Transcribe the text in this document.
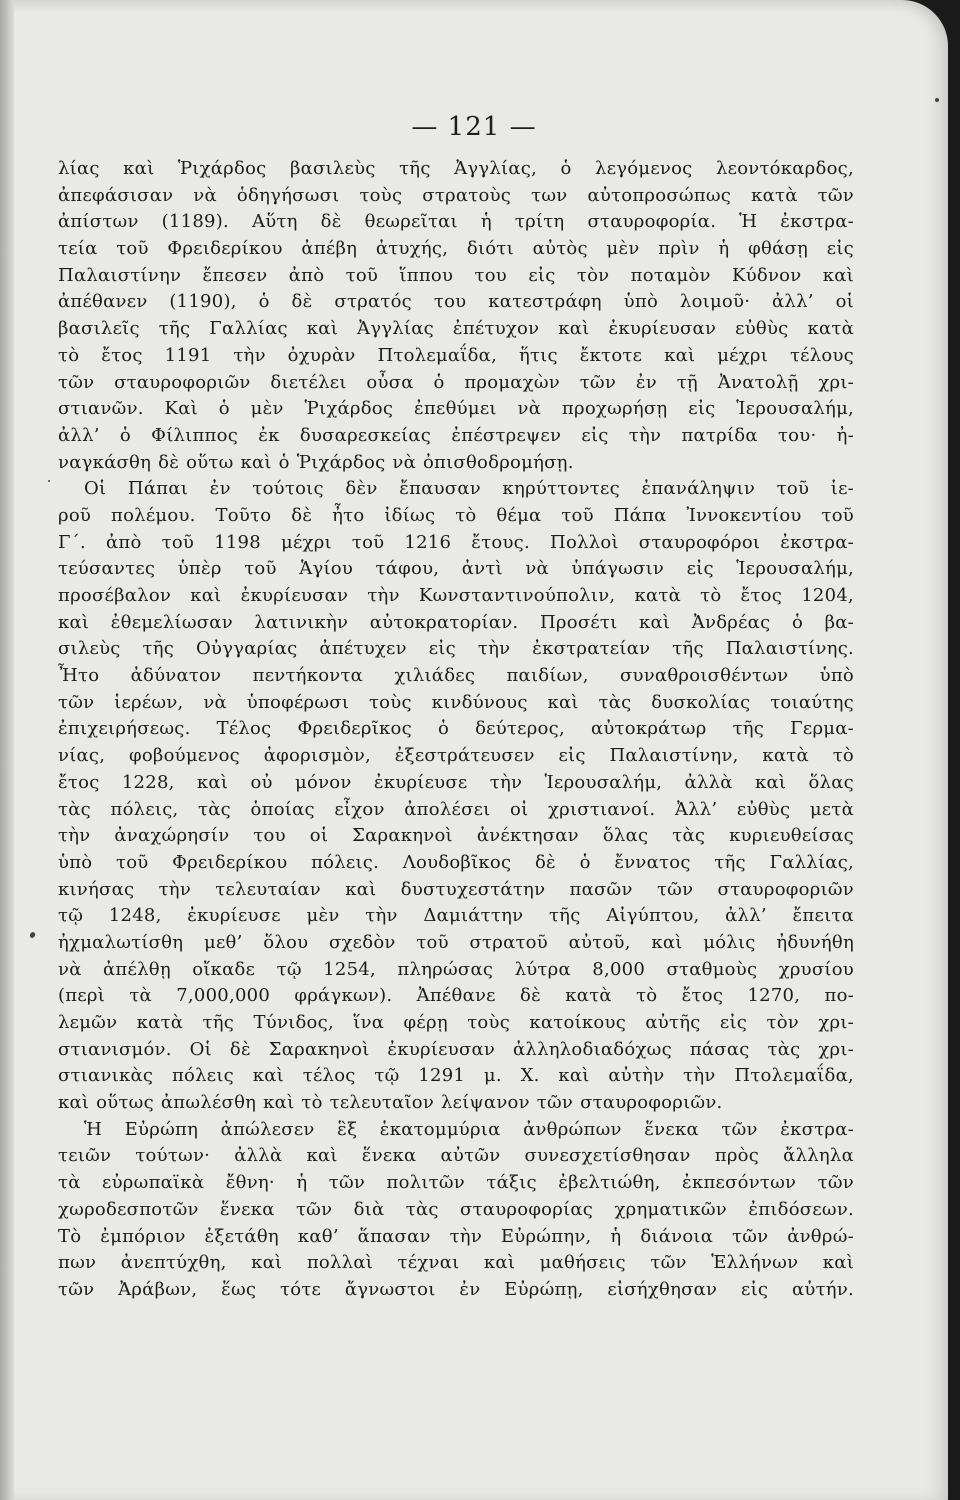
— 121 —
λίας καὶ Ῥιχάρδος βασιλεὺς τῆς Ἀγγλίας, ὁ λεγόμενος λεοντόκαρδος,
ἀπεφάσισαν νὰ ὁδηγήσωσι τοὺς στρατοὺς των αὐτοπροσώπως κατὰ τῶν
ἀπίστων (1189). Αὕτη δὲ θεωρεῖται ἡ τρίτη σταυροφορία. Ἡ ἐκστρα-
τεία τοῦ Φρειδερίκου ἀπέβη ἀτυχής, διότι αὐτὸς μὲν πρὶν ἡ φθάσῃ εἰς
Παλαιστίνην ἔπεσεν ἀπὸ τοῦ ἵππου του εἰς τὸν ποταμὸν Κύδνον καὶ
ἀπέθανεν (1190), ὁ δὲ στρατός του κατεστράφη ὑπὸ λοιμοῦ· ἀλλ’ οἱ
βασιλεῖς τῆς Γαλλίας καὶ Ἀγγλίας ἐπέτυχον καὶ ἐκυρίευσαν εὐθὺς κατὰ
τὸ ἔτος 1191 τὴν ὀχυρὰν Πτολεμαΐδα, ἥτις ἔκτοτε καὶ μέχρι τέλους
τῶν σταυροφοριῶν διετέλει οὖσα ὁ προμαχὼν τῶν ἐν τῇ Ἀνατολῇ χρι-
στιανῶν. Καὶ ὁ μὲν Ῥιχάρδος ἐπεθύμει νὰ προχωρήσῃ εἰς Ἱερουσαλήμ,
ἀλλ’ ὁ Φίλιππος ἐκ δυσαρεσκείας ἐπέστρεψεν εἰς τὴν πατρίδα του· ἠ-
ναγκάσθη δὲ οὕτω καὶ ὁ Ῥιχάρδος νὰ ὀπισθοδρομήσῃ.
Οἱ Πάπαι ἐν τούτοις δὲν ἔπαυσαν κηρύττοντες ἐπανάληψιν τοῦ ἱε-
ροῦ πολέμου. Τοῦτο δὲ ἦτο ἰδίως τὸ θέμα τοῦ Πάπα Ἰννοκεντίου τοῦ
Γ΄. ἀπὸ τοῦ 1198 μέχρι τοῦ 1216 ἔτους. Πολλοὶ σταυροφόροι ἐκστρα-
τεύσαντες ὑπὲρ τοῦ Ἁγίου τάφου, ἀντὶ νὰ ὑπάγωσιν εἰς Ἱερουσαλήμ,
προσέβαλον καὶ ἐκυρίευσαν τὴν Κωνσταντινούπολιν, κατὰ τὸ ἔτος 1204,
καὶ ἐθεμελίωσαν λατινικὴν αὐτοκρατορίαν. Προσέτι καὶ Ἀνδρέας ὁ βα-
σιλεὺς τῆς Οὐγγαρίας ἀπέτυχεν εἰς τὴν ἐκστρατείαν τῆς Παλαιστίνης.
Ἦτο ἀδύνατον πεντήκοντα χιλιάδες παιδίων, συναθροισθέντων ὑπὸ
τῶν ἱερέων, νὰ ὑποφέρωσι τοὺς κινδύνους καὶ τὰς δυσκολίας τοιαύτης
ἐπιχειρήσεως. Τέλος Φρειδερῖκος ὁ δεύτερος, αὐτοκράτωρ τῆς Γερμα-
νίας, φοβούμενος ἀφορισμὸν, ἐξεστράτευσεν εἰς Παλαιστίνην, κατὰ τὸ
ἔτος 1228, καὶ οὐ μόνον ἐκυρίευσε τὴν Ἱερουσαλήμ, ἀλλὰ καὶ ὅλας
τὰς πόλεις, τὰς ὁποίας εἶχον ἀπολέσει οἱ χριστιανοί. Ἀλλ’ εὐθὺς μετὰ
τὴν ἀναχώρησίν του οἱ Σαρακηνοὶ ἀνέκτησαν ὅλας τὰς κυριευθείσας
ὑπὸ τοῦ Φρειδερίκου πόλεις. Λουδοβῖκος δὲ ὁ ἔννατος τῆς Γαλλίας,
κινήσας τὴν τελευταίαν καὶ δυστυχεστάτην πασῶν τῶν σταυροφοριῶν
τῷ 1248, ἐκυρίευσε μὲν τὴν Δαμιάττην τῆς Αἰγύπτου, ἀλλ’ ἔπειτα
ἠχμαλωτίσθη μεθ’ ὅλου σχεδὸν τοῦ στρατοῦ αὐτοῦ, καὶ μόλις ἠδυνήθη
νὰ ἀπέλθῃ οἴκαδε τῷ 1254, πληρώσας λύτρα 8,000 σταθμοὺς χρυσίου
(περὶ τὰ 7,000,000 φράγκων). Ἀπέθανε δὲ κατὰ τὸ ἔτος 1270, πο-
λεμῶν κατὰ τῆς Τύνιδος, ἵνα φέρῃ τοὺς κατοίκους αὐτῆς εἰς τὸν χρι-
στιανισμόν. Οἱ δὲ Σαρακηνοὶ ἐκυρίευσαν ἀλληλοδιαδόχως πάσας τὰς χρι-
στιανικὰς πόλεις καὶ τέλος τῷ 1291 μ. Χ. καὶ αὐτὴν τὴν Πτολεμαΐδα,
καὶ οὕτως ἀπωλέσθη καὶ τὸ τελευταῖον λείψανον τῶν σταυροφοριῶν.
Ἡ Εὐρώπη ἀπώλεσεν ἓξ ἑκατομμύρια ἀνθρώπων ἕνεκα τῶν ἐκστρα-
τειῶν τούτων· ἀλλὰ καὶ ἕνεκα αὐτῶν συνεσχετίσθησαν πρὸς ἄλληλα
τὰ εὐρωπαϊκὰ ἔθνη· ἡ τῶν πολιτῶν τάξις ἐβελτιώθη, ἐκπεσόντων τῶν
χωροδεσποτῶν ἕνεκα τῶν διὰ τὰς σταυροφορίας χρηματικῶν ἐπιδόσεων.
Τὸ ἐμπόριον ἐξετάθη καθ’ ἅπασαν τὴν Εὐρώπην, ἡ διάνοια τῶν ἀνθρώ-
πων ἀνεπτύχθη, καὶ πολλαὶ τέχναι καὶ μαθήσεις τῶν Ἑλλήνων καὶ
τῶν Ἀράβων, ἕως τότε ἄγνωστοι ἐν Εὐρώπῃ, εἰσήχθησαν εἰς αὐτήν.
